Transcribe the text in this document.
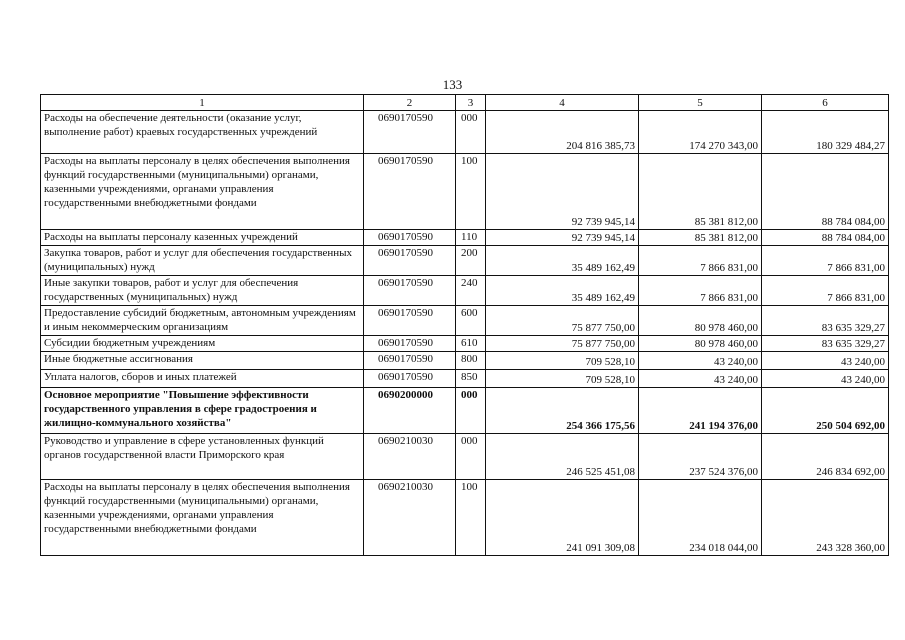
133
1	2	3	4	5	6
Расходы на обеспечение деятельности (оказание услуг, выполнение работ) краевых государственных учреждений	0690170590	000	204 816 385,73	174 270 343,00	180 329 484,27
Расходы на выплаты персоналу в целях обеспечения выполнения функций государственными (муниципальными) органами, казенными учреждениями, органами управления государственными внебюджетными фондами	0690170590	100	92 739 945,14	85 381 812,00	88 784 084,00
Расходы на выплаты персоналу казенных учреждений	0690170590	110	92 739 945,14	85 381 812,00	88 784 084,00
Закупка товаров, работ и услуг для обеспечения государственных (муниципальных) нужд	0690170590	200	35 489 162,49	7 866 831,00	7 866 831,00
Иные закупки товаров, работ и услуг для обеспечения государственных (муниципальных) нужд	0690170590	240	35 489 162,49	7 866 831,00	7 866 831,00
Предоставление субсидий бюджетным, автономным учреждениям и иным некоммерческим организациям	0690170590	600	75 877 750,00	80 978 460,00	83 635 329,27
Субсидии бюджетным учреждениям	0690170590	610	75 877 750,00	80 978 460,00	83 635 329,27
Иные бюджетные ассигнования	0690170590	800	709 528,10	43 240,00	43 240,00
Уплата налогов, сборов и иных платежей	0690170590	850	709 528,10	43 240,00	43 240,00
Основное мероприятие "Повышение эффективности государственного управления в сфере градостроения и жилищно-коммунального хозяйства"	0690200000	000	254 366 175,56	241 194 376,00	250 504 692,00
Руководство и управление в сфере установленных функций органов государственной власти Приморского края	0690210030	000	246 525 451,08	237 524 376,00	246 834 692,00
Расходы на выплаты персоналу в целях обеспечения выполнения функций государственными (муниципальными) органами, казенными учреждениями, органами управления государственными внебюджетными фондами	0690210030	100	241 091 309,08	234 018 044,00	243 328 360,00
